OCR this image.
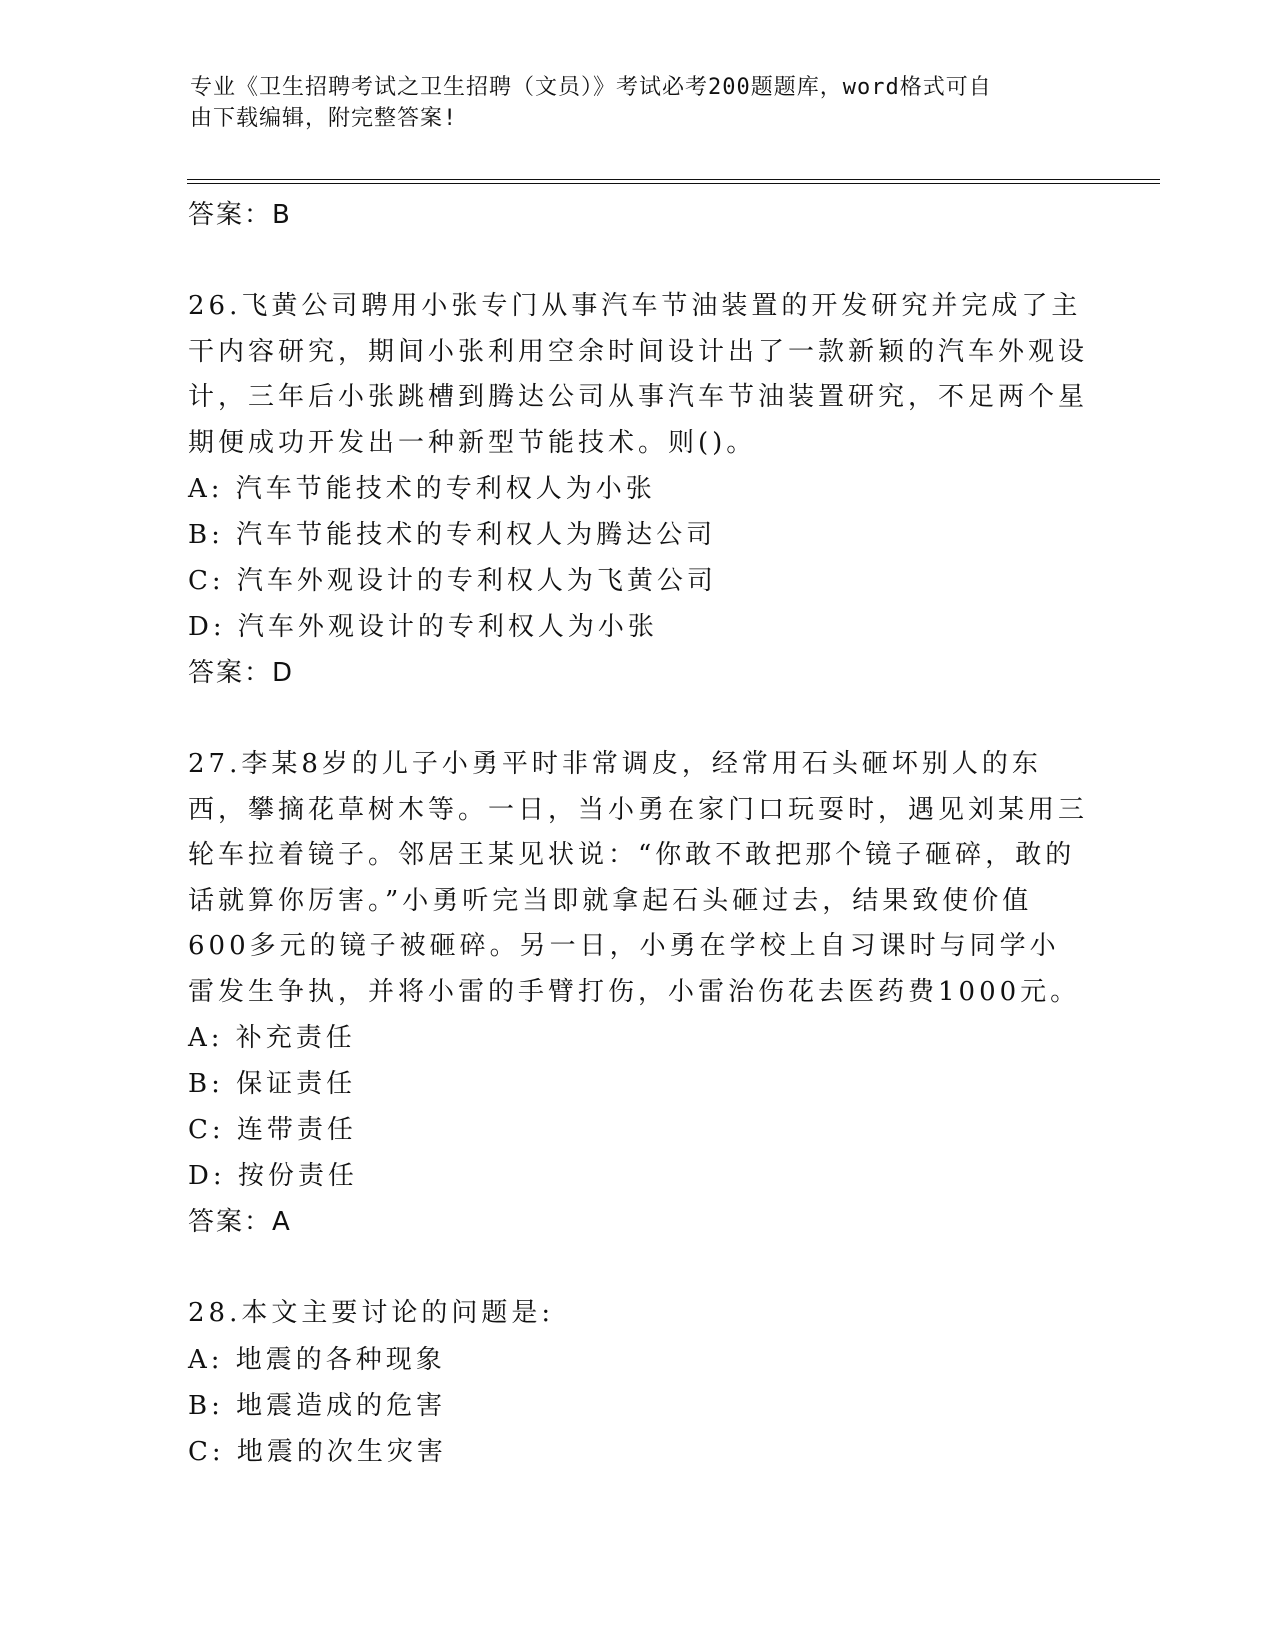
专业《卫生招聘考试之卫生招聘（文员）》考试必考200题题库，word格式可自
由下载编辑，附完整答案!

答案：B

26.飞黄公司聘用小张专门从事汽车节油装置的开发研究并完成了主干内容研究，期间小张利用空余时间设计出了一款新颖的汽车外观设计，三年后小张跳槽到腾达公司从事汽车节油装置研究，不足两个星期便成功开发出一种新型节能技术。则()。

A: 汽车节能技术的专利权人为小张

B: 汽车节能技术的专利权人为腾达公司

C: 汽车外观设计的专利权人为飞黄公司

D: 汽车外观设计的专利权人为小张

答案：D

27.李某8岁的儿子小勇平时非常调皮，经常用石头砸坏别人的东西，攀摘花草树木等。一日，当小勇在家门口玩耍时，遇见刘某用三轮车拉着镜子。邻居王某见状说：“你敢不敢把那个镜子砸碎，敢的话就算你厉害。”小勇听完当即就拿起石头砸过去，结果致使价值600多元的镜子被砸碎。另一日，小勇在学校上自习课时与同学小雷发生争执，并将小雷的手臂打伤，小雷治伤花去医药费1000元。

A: 补充责任

B: 保证责任

C: 连带责任

D: 按份责任

答案：A

28.本文主要讨论的问题是:

A: 地震的各种现象

B: 地震造成的危害

C: 地震的次生灾害
